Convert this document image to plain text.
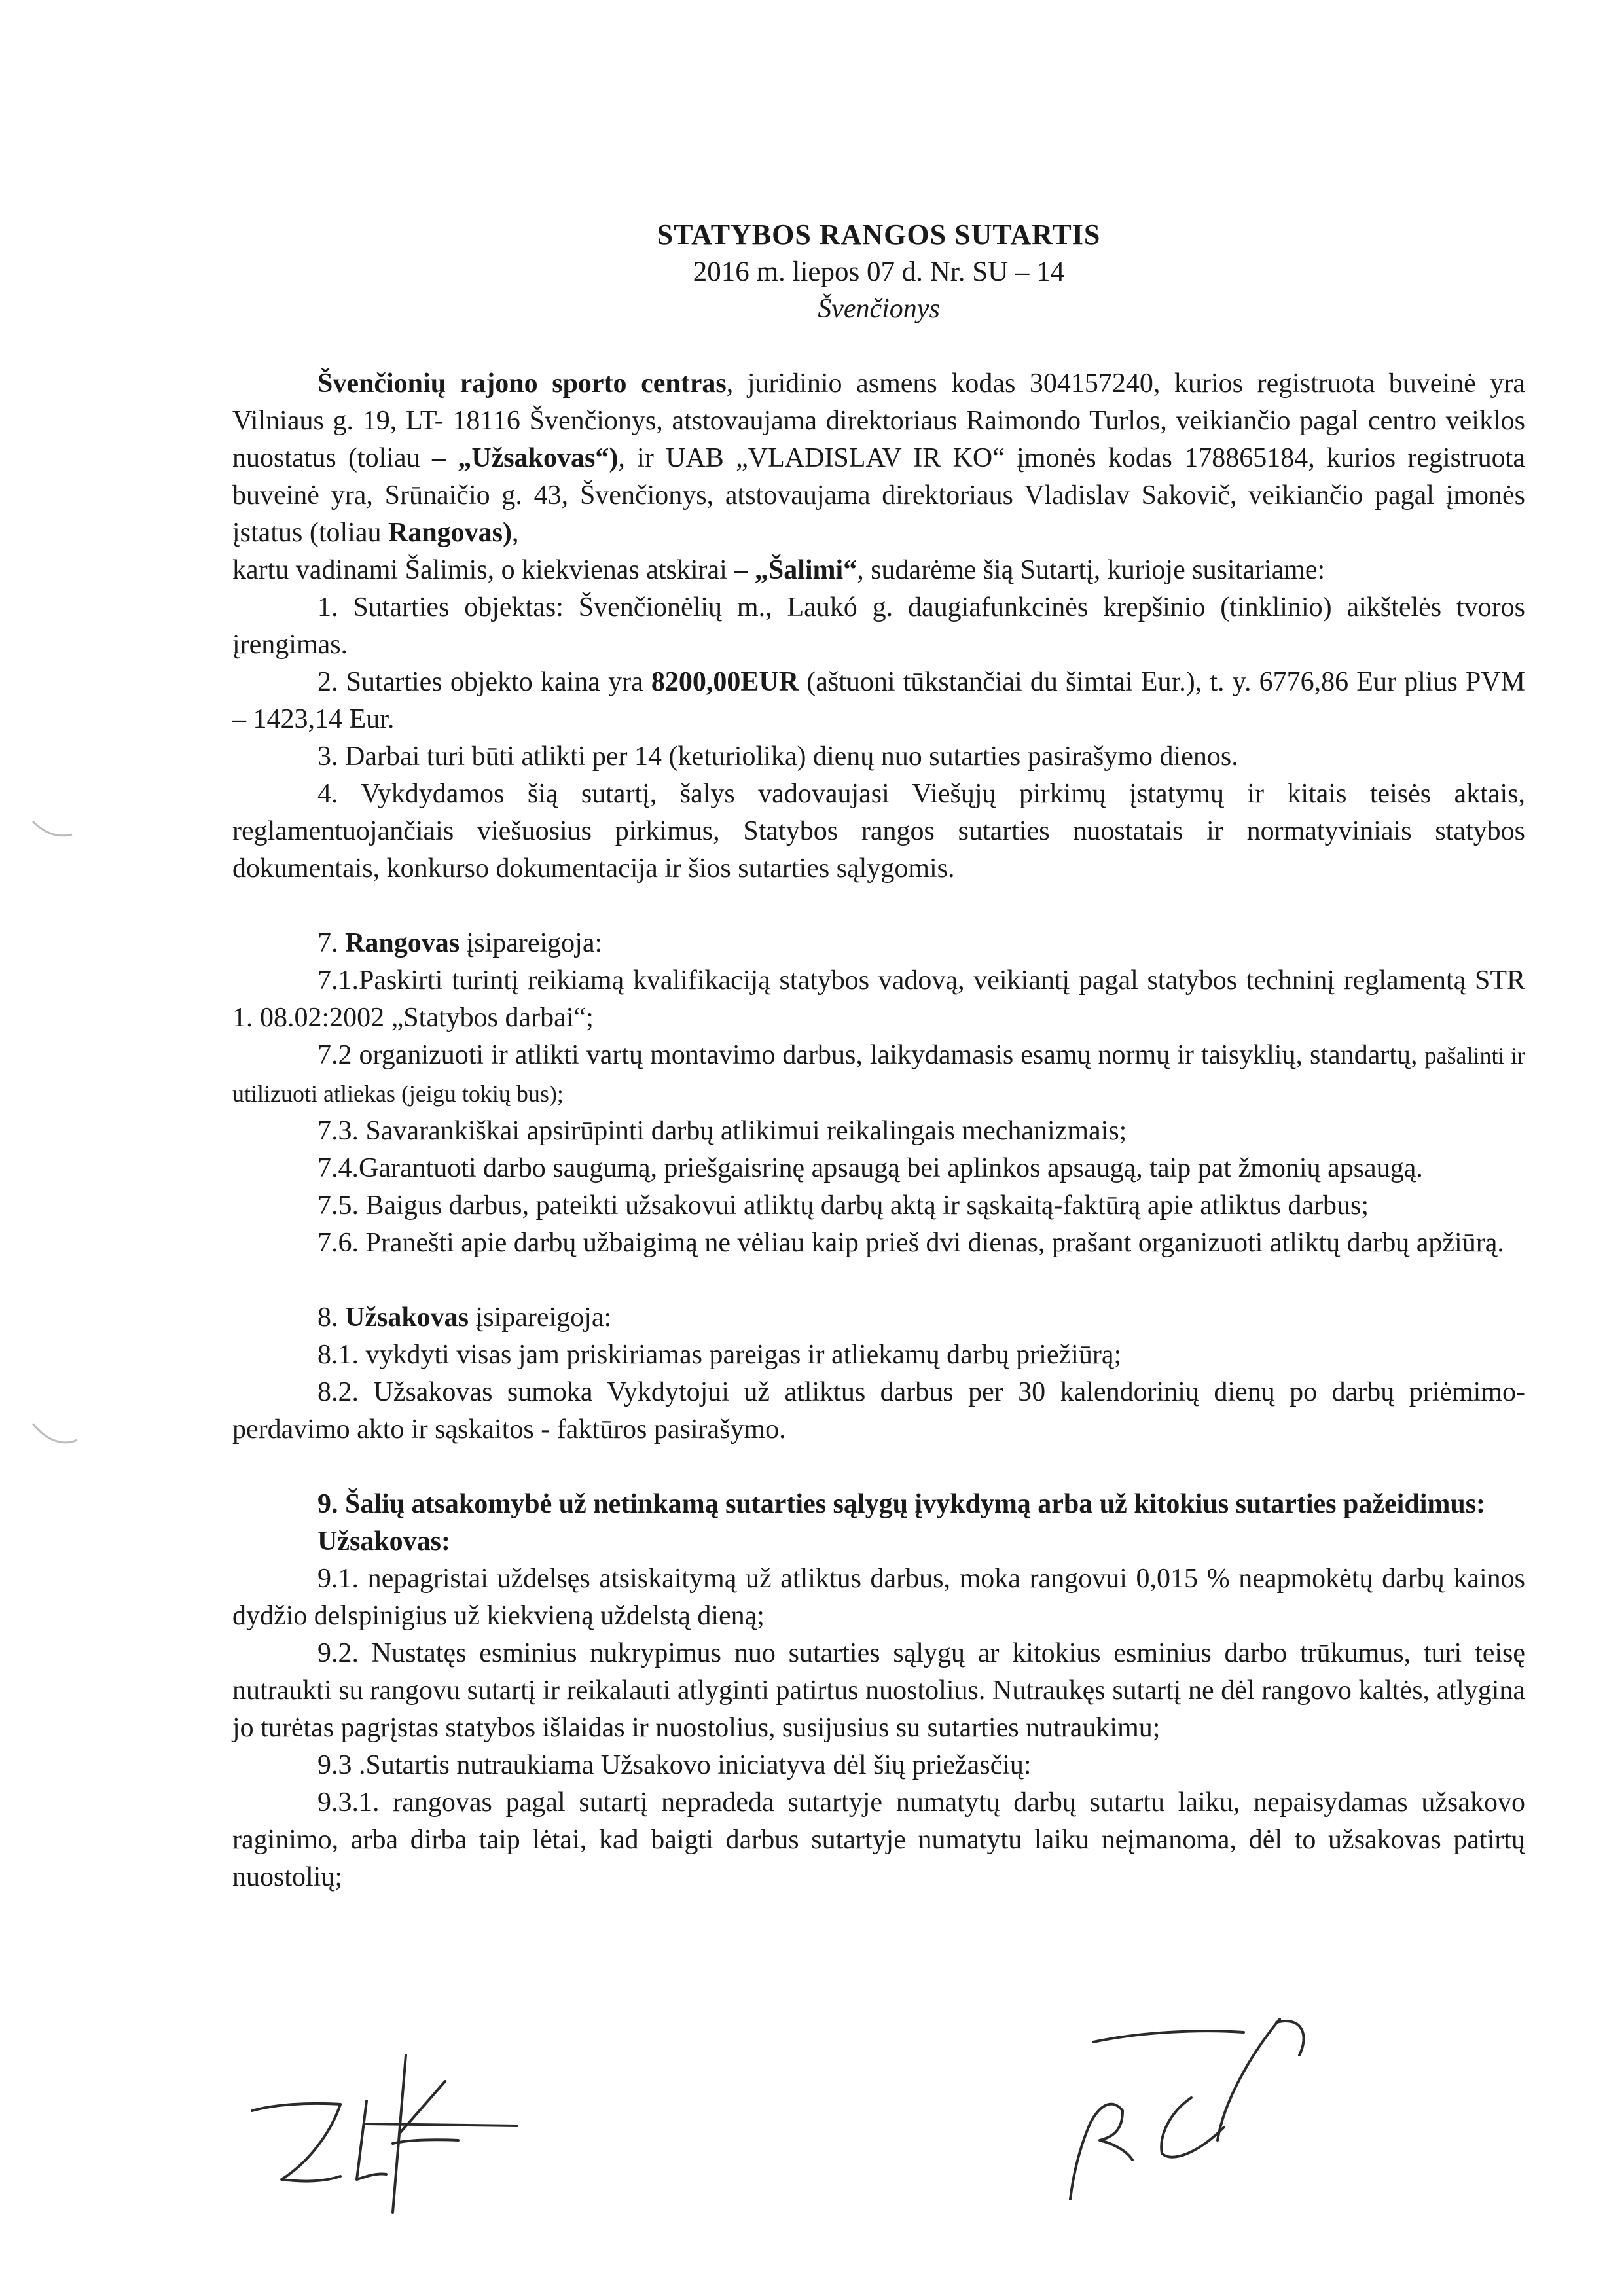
STATYBOS RANGOS SUTARTIS
2016 m. liepos 07 d. Nr. SU – 14
Švenčionys

Švenčionių rajono sporto centras, juridinio asmens kodas 304157240, kurios registruota buveinė yra Vilniaus g. 19, LT- 18116 Švenčionys, atstovaujama direktoriaus Raimondo Turlos, veikiančio pagal centro veiklos nuostatus (toliau – „Užsakovas“), ir UAB „VLADISLAV IR KO“ įmonės kodas 178865184, kurios registruota buveinė yra, Srūnaičio g. 43, Švenčionys, atstovaujama direktoriaus Vladislav Sakovič, veikiančio pagal įmonės įstatus (toliau Rangovas),

kartu vadinami Šalimis, o kiekvienas atskirai – „Šalimi“, sudarėme šią Sutartį, kurioje susitariame:

1. Sutarties objektas: Švenčionėlių m., Laukó g. daugiafunkcinės krepšinio (tinklinio) aikštelės tvoros įrengimas.

2. Sutarties objekto kaina yra 8200,00EUR (aštuoni tūkstančiai du šimtai Eur.), t. y. 6776,86 Eur plius PVM – 1423,14 Eur.

3. Darbai turi būti atlikti per 14 (keturiolika) dienų nuo sutarties pasirašymo dienos.

4. Vykdydamos šią sutartį, šalys vadovaujasi Viešųjų pirkimų įstatymų ir kitais teisės aktais, reglamentuojančiais viešuosius pirkimus, Statybos rangos sutarties nuostatais ir normatyviniais statybos dokumentais, konkurso dokumentacija ir šios sutarties sąlygomis.

7. Rangovas įsipareigoja:

7.1.Paskirti turintį reikiamą kvalifikaciją statybos vadovą, veikiantį pagal statybos techninį reglamentą STR 1. 08.02:2002 „Statybos darbai“;

7.2 organizuoti ir atlikti vartų montavimo darbus, laikydamasis esamų normų ir taisyklių, standartų, pašalinti ir utilizuoti atliekas (jeigu tokių bus);

7.3. Savarankiškai apsirūpinti darbų atlikimui reikalingais mechanizmais;

7.4.Garantuoti darbo saugumą, priešgaisrinę apsaugą bei aplinkos apsaugą, taip pat žmonių apsaugą.

7.5. Baigus darbus, pateikti užsakovui atliktų darbų aktą ir sąskaitą-faktūrą apie atliktus darbus;

7.6. Pranešti apie darbų užbaigimą ne vėliau kaip prieš dvi dienas, prašant organizuoti atliktų darbų apžiūrą.

8. Užsakovas įsipareigoja:

8.1. vykdyti visas jam priskiriamas pareigas ir atliekamų darbų priežiūrą;

8.2. Užsakovas sumoka Vykdytojui už atliktus darbus per 30 kalendorinių dienų po darbų priėmimo-perdavimo akto ir sąskaitos - faktūros pasirašymo.

9. Šalių atsakomybė už netinkamą sutarties sąlygų įvykdymą arba už kitokius sutarties pažeidimus:

Užsakovas:

9.1. nepagristai uždelsęs atsiskaitymą už atliktus darbus, moka rangovui 0,015 % neapmokėtų darbų kainos dydžio delspinigius už kiekvieną uždelstą dieną;

9.2. Nustatęs esminius nukrypimus nuo sutarties sąlygų ar kitokius esminius darbo trūkumus, turi teisę nutraukti su rangovu sutartį ir reikalauti atlyginti patirtus nuostolius. Nutraukęs sutartį ne dėl rangovo kaltės, atlygina jo turėtas pagrįstas statybos išlaidas ir nuostolius, susijusius su sutarties nutraukimu;

9.3 .Sutartis nutraukiama Užsakovo iniciatyva dėl šių priežasčių:

9.3.1. rangovas pagal sutartį nepradeda sutartyje numatytų darbų sutartu laiku, nepaisydamas užsakovo raginimo, arba dirba taip lėtai, kad baigti darbus sutartyje numatytu laiku neįmanoma, dėl to užsakovas patirtų nuostolių;
